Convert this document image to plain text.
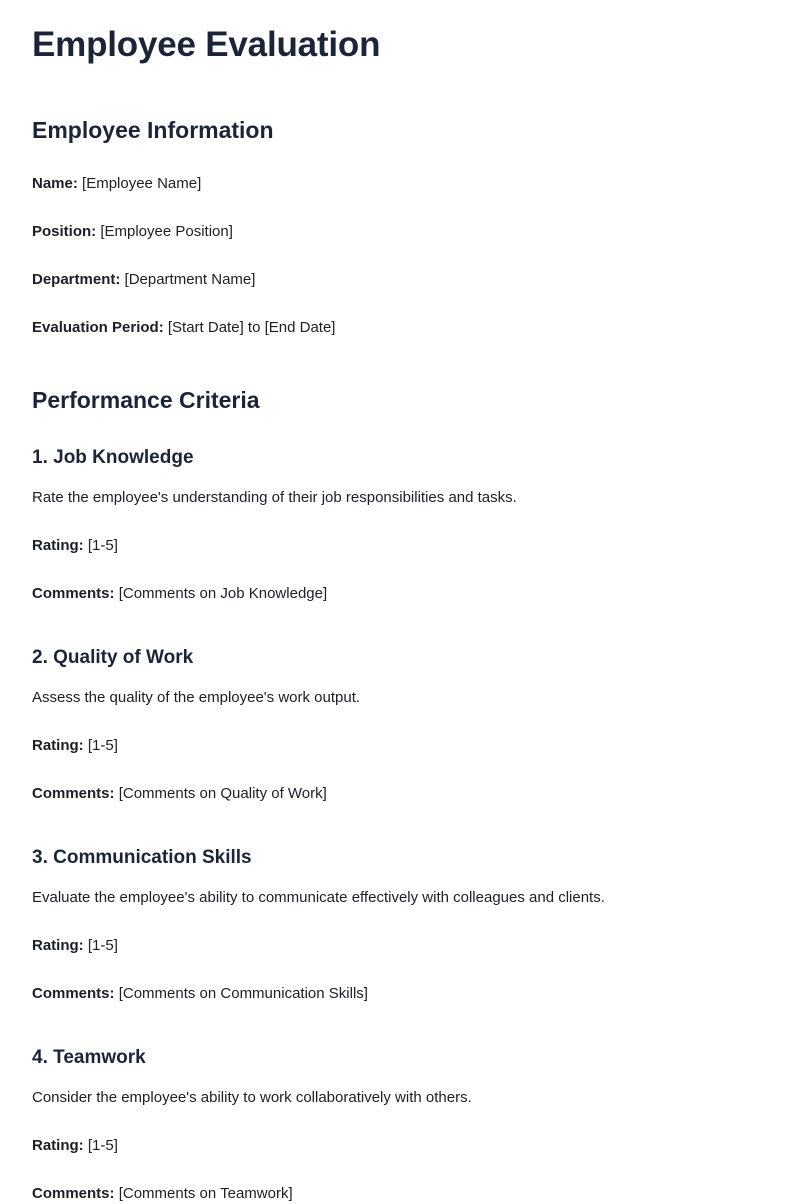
Employee Evaluation
Employee Information

Name: [Employee Name]

Position: [Employee Position]

Department: [Department Name]

Evaluation Period: [Start Date] to [End Date]

Performance Criteria
1. Job Knowledge

Rate the employee's understanding of their job responsibilities and tasks.

Rating: [1-5]

Comments: [Comments on Job Knowledge]

2. Quality of Work

Assess the quality of the employee's work output.

Rating: [1-5]

Comments: [Comments on Quality of Work]

3. Communication Skills

Evaluate the employee's ability to communicate effectively with colleagues and clients.

Rating: [1-5]

Comments: [Comments on Communication Skills]

4. Teamwork

Consider the employee's ability to work collaboratively with others.

Rating: [1-5]

Comments: [Comments on Teamwork]
